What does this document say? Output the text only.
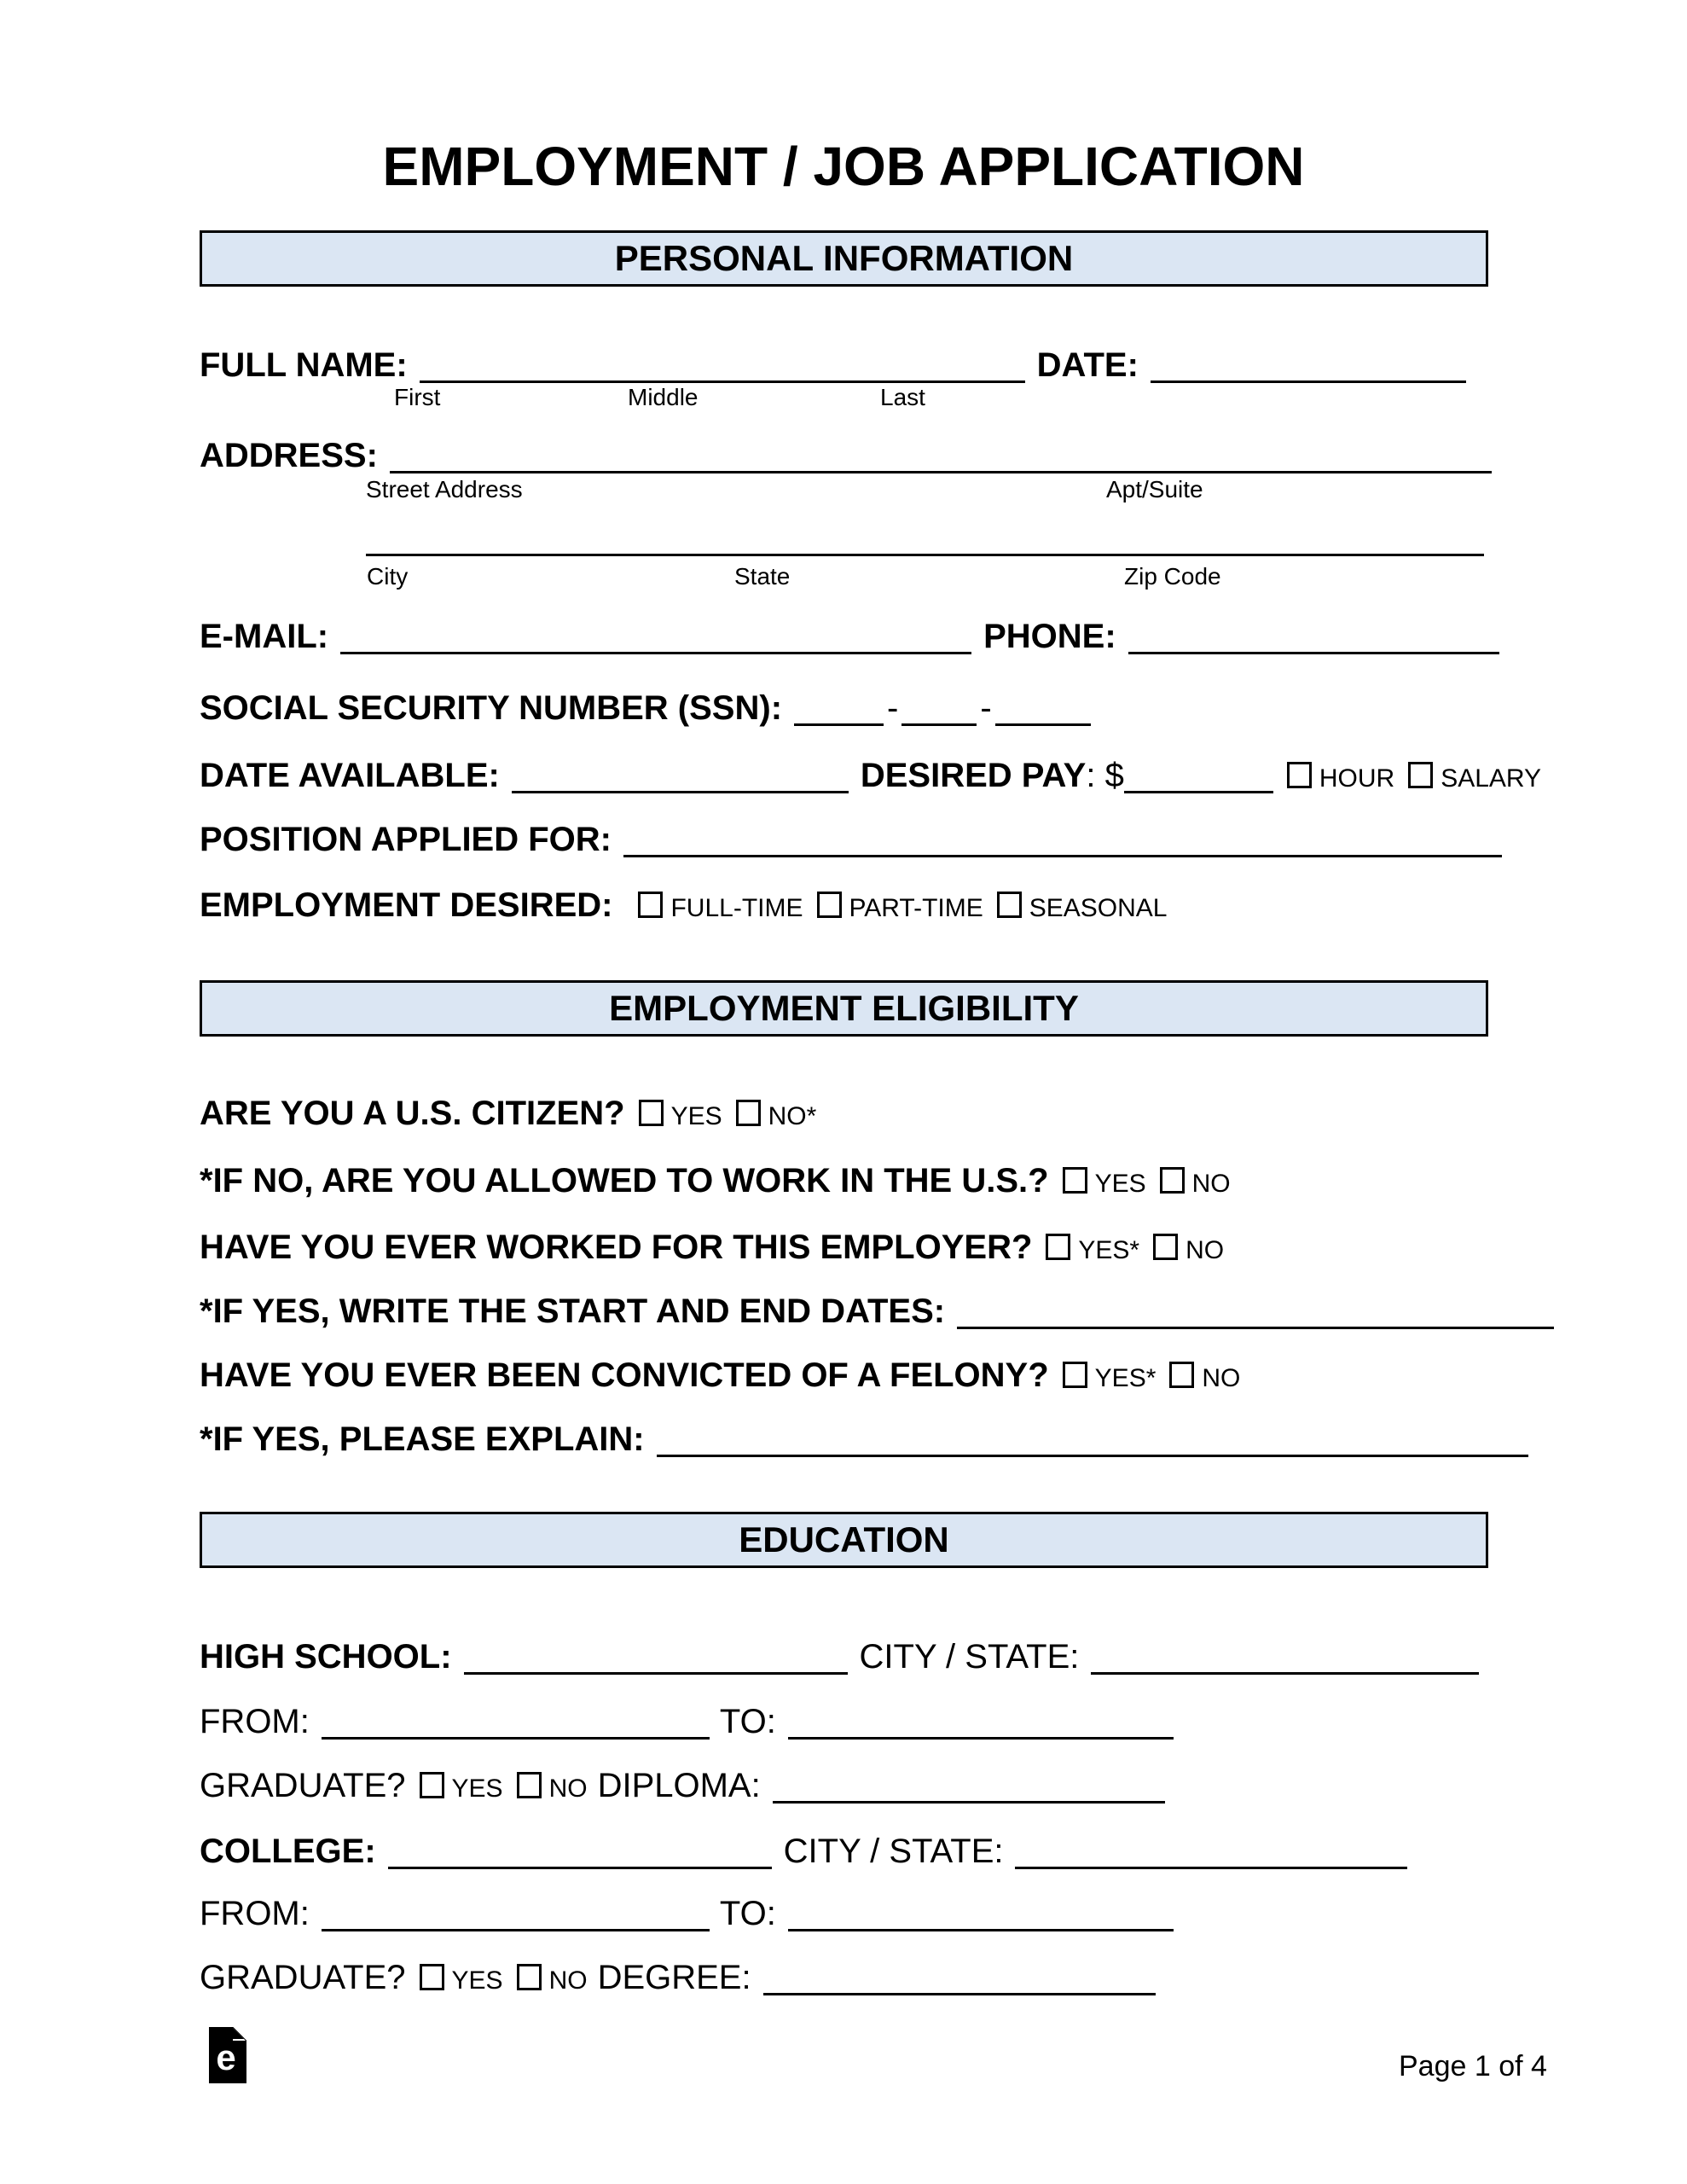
EMPLOYMENT / JOB APPLICATION
PERSONAL INFORMATION
FULL NAME:	DATE:
First	Middle	Last
ADDRESS:
Street Address	Apt/Suite
City	State	Zip Code
E-MAIL:	PHONE:
SOCIAL SECURITY NUMBER (SSN):	- -
DATE AVAILABLE:	DESIRED PAY: $	HOUR SALARY
POSITION APPLIED FOR:
EMPLOYMENT DESIRED: FULL-TIME PART-TIME SEASONAL
EMPLOYMENT ELIGIBILITY
ARE YOU A U.S. CITIZEN? YES NO*
*IF NO, ARE YOU ALLOWED TO WORK IN THE U.S.? YES NO
HAVE YOU EVER WORKED FOR THIS EMPLOYER? YES* NO
*IF YES, WRITE THE START AND END DATES:
HAVE YOU EVER BEEN CONVICTED OF A FELONY? YES* NO
*IF YES, PLEASE EXPLAIN:
EDUCATION
HIGH SCHOOL:	CITY / STATE:
FROM:	TO:
GRADUATE? YES NO DIPLOMA:
COLLEGE:	CITY / STATE:
FROM:	TO:
GRADUATE? YES NO DEGREE:
e	Page 1 of 4
